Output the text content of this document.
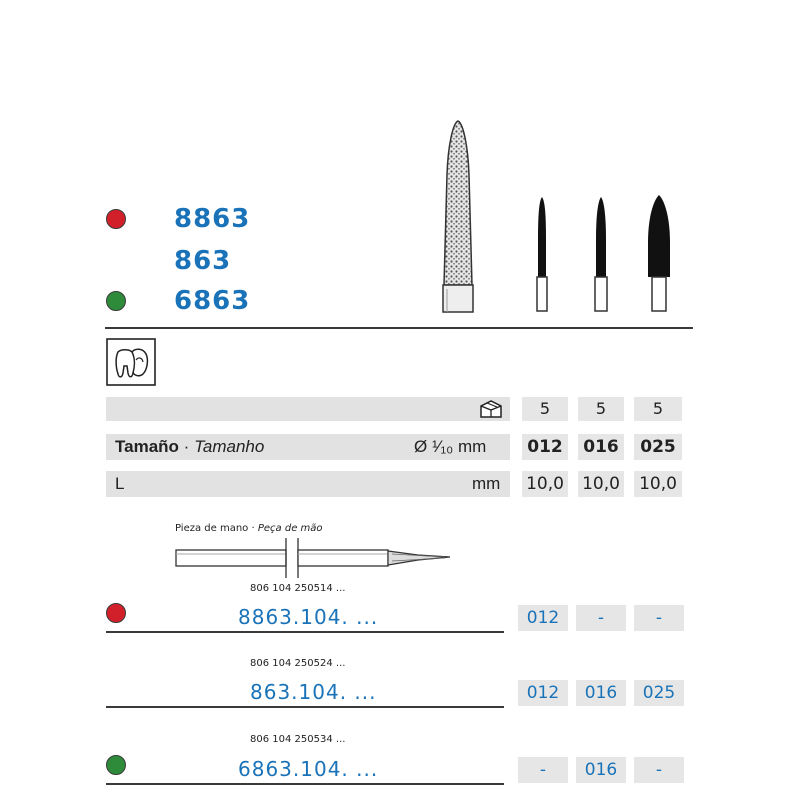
8863
863
6863
5	5	5
Tamaño · Tamanho	Ø ¹⁄₁₀ mm	012	016	025
L	mm 10,0 10,0 10,0
Pieza de mano · Peça de mão
806 104 250514 ...
8863.104. ...	012	-	-
806 104 250524 ...
863.104. ...	012	016	025
806 104 250534 ...
6863.104. ...	-	016	-
